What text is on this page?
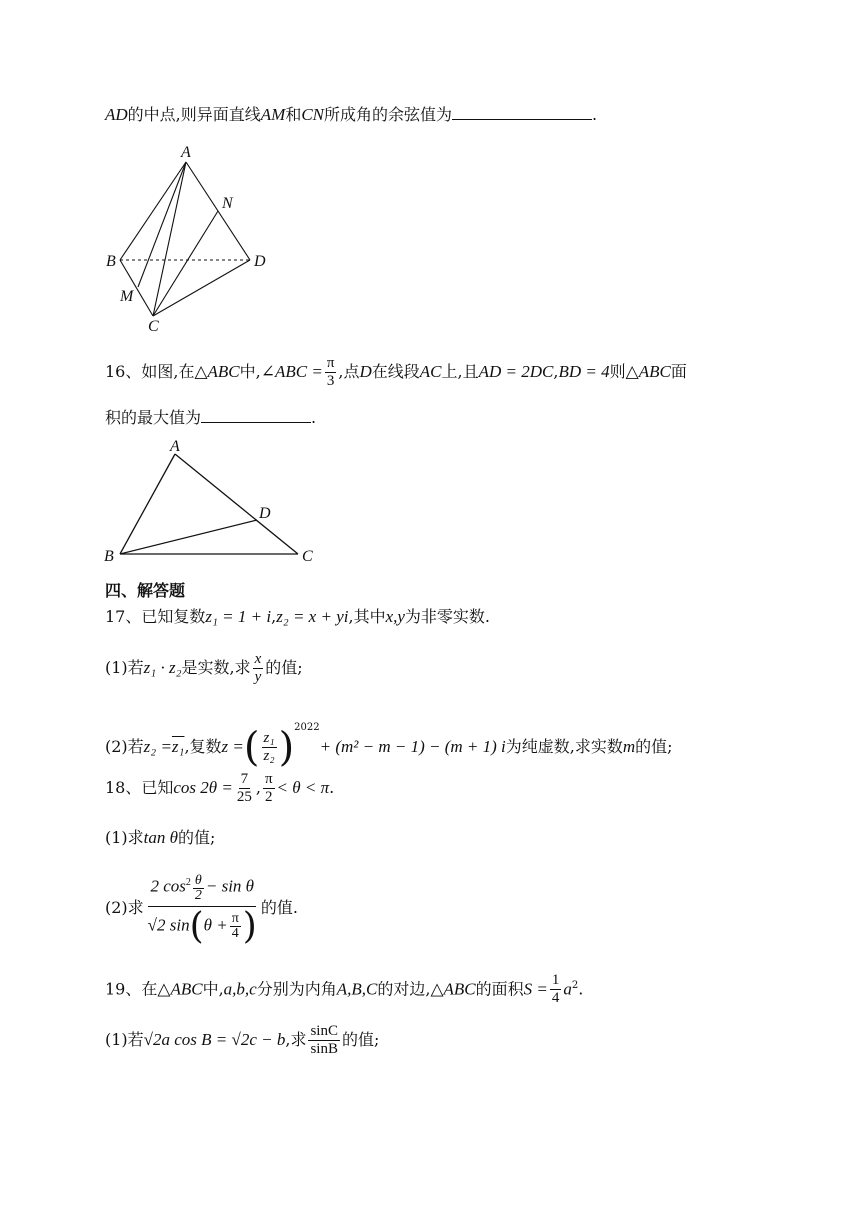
AD的中点,则异面直线AM和CN所成角的余弦值为	.
A
N
B	D
M
C
16、如图,在△ABC中,∠ABC = $\frac{\pi}{3}$ ,点D在线段AC上,且AD = 2DC,BD = 4则△ABC面
积的最大值为	.
A
D
B	C
四、解答题
17、已知复数z₁ = 1 + i,z₂ = x + yi,其中x,y为非零实数.
(1)若z₁ · z₂是实数,求 $\frac{x}{y}$ 的值;
(2)若z₂ =z₁,复数z =( $\frac{\text{z₁}}{\text{z₂}} )^{2022}+ (m^2 - m - 1) - (m + 1)$ i为纯虚数,求实数m的值;
18、已知$\cos 2\theta = \frac{7}{25}$ , $\frac{\pi}{2} < \theta < \pi$.
(1)求tan θ的值;
(2)求 $\frac{2 \cos^2 \frac{\theta}{2} - \sin \theta}{√2 \sin(\theta + \frac{\pi}{4} )}$ 的值.
19、在△ABC中,a,b,c分别为内角A,B,C的对边,△ABC的面积$S = \frac{1}{4} a^2$.
(1)若√2a cos B = √2c − b,求 $\frac{\sin C}{\sin B}$ 的值;
